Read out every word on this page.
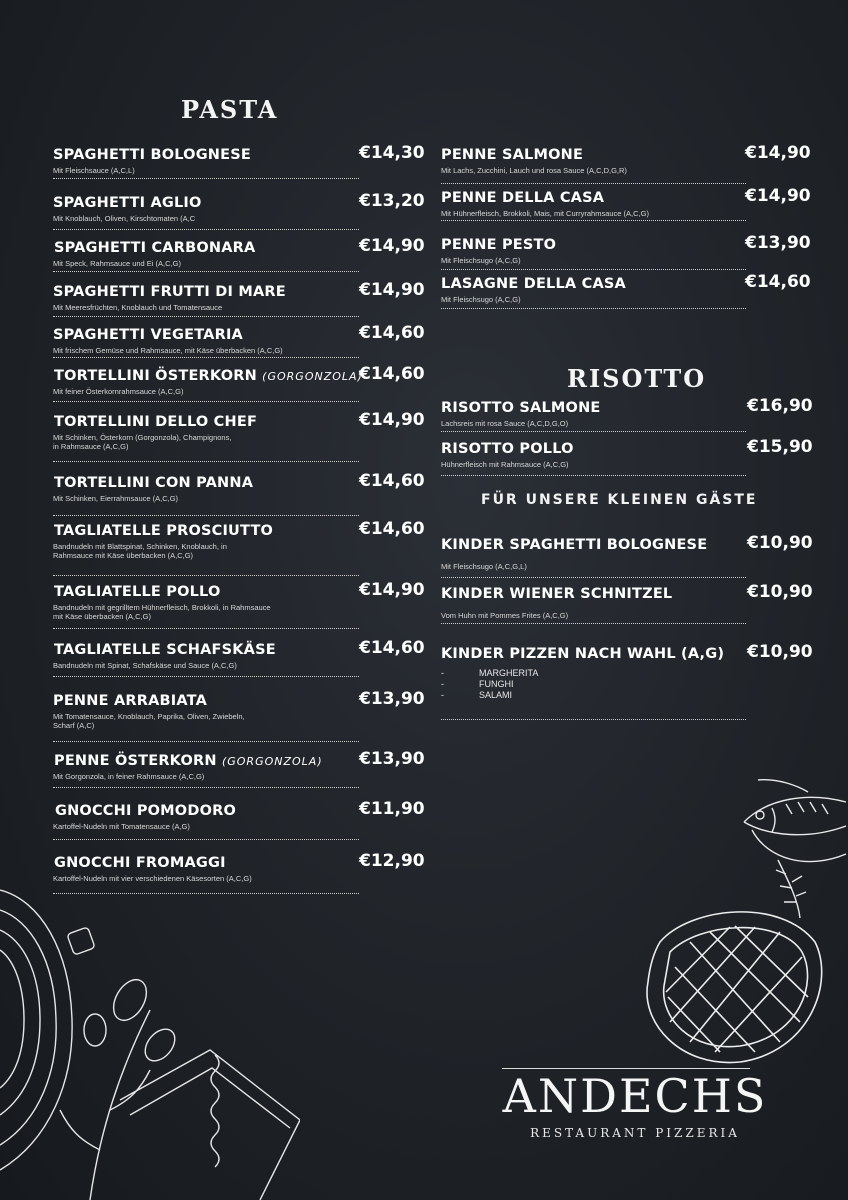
PASTA
SPAGHETTI BOLOGNESE
Mit Fleischsauce (A,C,L)
€14,30
SPAGHETTI AGLIO
Mit Knoblauch, Oliven, Kirschtomaten (A,C
€13,20
SPAGHETTI CARBONARA
Mit Speck, Rahmsauce und Ei (A,C,G)
€14,90
SPAGHETTI FRUTTI DI MARE
Mit Meeresfrüchten, Knoblauch und Tomatensauce
€14,90
SPAGHETTI VEGETARIA
Mit frischem Gemüse und Rahmsauce, mit Käse überbacken (A,C,G)
€14,60
TORTELLINI ÖSTERKORN (GORGONZOLA)
Mit feiner Österkornrahmsauce (A,C,G)
€14,60
TORTELLINI DELLO CHEF
Mit Schinken, Österkorn (Gorgonzola), Champignons,
in Rahmsauce (A,C,G)
€14,90
TORTELLINI CON PANNA
Mit Schinken, Eierrahmsauce (A,C,G)
€14,60
TAGLIATELLE PROSCIUTTO
Bandnudeln mit Blattspinat, Schinken, Knoblauch, in
Rahmsauce mit Käse überbacken (A,C,G)
€14,60
TAGLIATELLE POLLO
Bandnudeln mit gegrilltem Hühnerfleisch, Brokkoli, in Rahmsauce
mit Käse überbacken (A,C,G)
€14,90
TAGLIATELLE SCHAFSKÄSE
Bandnudeln mit Spinat, Schafskäse und Sauce (A,C,G)
€14,60
PENNE ARRABIATA
Mit Tomatensauce, Knoblauch, Paprika, Oliven, Zwiebeln,
Scharf (A,C)
€13,90
PENNE ÖSTERKORN (GORGONZOLA)
Mit Gorgonzola, in feiner Rahmsauce (A,C,G)
€13,90
GNOCCHI POMODORO
Kartoffel-Nudeln mit Tomatensauce (A,G)
€11,90
GNOCCHI FROMAGGI
Kartoffel-Nudeln mit vier verschiedenen Käsesorten (A,C,G)
€12,90
PENNE SALMONE
Mit Lachs, Zucchini, Lauch und rosa Sauce (A,C,D,G,R)
€14,90
PENNE DELLA CASA
Mit Hühnerfleisch, Brokkoli, Mais, mit Curryrahmsauce (A,C,G)
€14,90
PENNE PESTO
Mit Fleischsugo (A,C,G)
€13,90
LASAGNE DELLA CASA
Mit Fleischsugo (A,C,G)
€14,60
RISOTTO
RISOTTO SALMONE
Lachsreis mit rosa Sauce (A,C,D,G,O)
€16,90
RISOTTO POLLO
Hühnerfleisch mit Rahmsauce (A,C,G)
€15,90
FÜR UNSERE KLEINEN GÄSTE
KINDER SPAGHETTI BOLOGNESE
Mit Fleischsugo (A,C,G,L)
€10,90
KINDER WIENER SCHNITZEL
Vom Huhn mit Pommes Frites (A,C,G)
€10,90
KINDER PIZZEN NACH WAHL (A,G) €10,90
-	MARGHERITA
-	FUNGHI
-	SALAMI
ANDECHS
RESTAURANT PIZZERIA
